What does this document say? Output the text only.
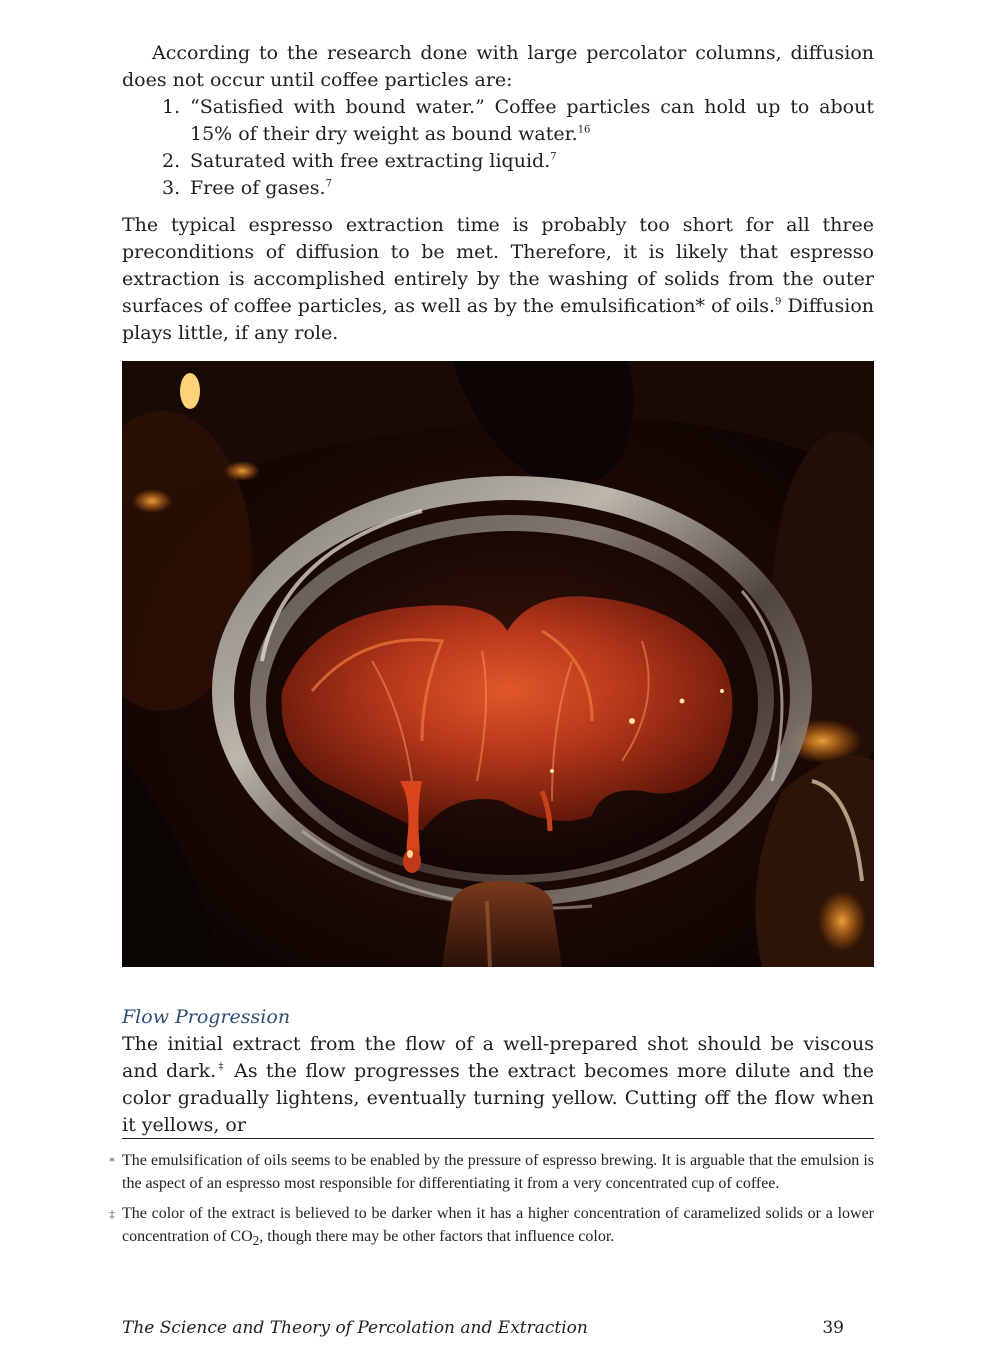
According to the research done with large percolator columns, diffusion does not occur until coffee particles are:

1. “Satisfied with bound water.” Coffee particles can hold up to about 15% of their dry weight as bound water.$^{16}$
2. Saturated with free extracting liquid.$^7$
3. Free of gases.$^7$

The typical espresso extraction time is probably too short for all three preconditions of diffusion to be met. Therefore, it is likely that espresso extraction is accomplished entirely by the washing of solids from the outer surfaces of coffee particles, as well as by the emulsification* of oils.$^9$ Diffusion plays little, if any role.

Flow Progression

The initial extract from the flow of a well-prepared shot should be viscous and dark.‡ As the flow progresses the extract becomes more dilute and the color gradually lightens, eventually turning yellow. Cutting off the flow when it yellows, or

* The emulsification of oils seems to be enabled by the pressure of espresso brewing. It is arguable that the emulsion is the aspect of an espresso most responsible for differentiating it from a very concentrated cup of coffee.

‡ The color of the extract is believed to be darker when it has a higher concentration of caramelized solids or a lower concentration of $CO_2$, though there may be other factors that influence color.

The Science and Theory of Percolation and Extraction	39
